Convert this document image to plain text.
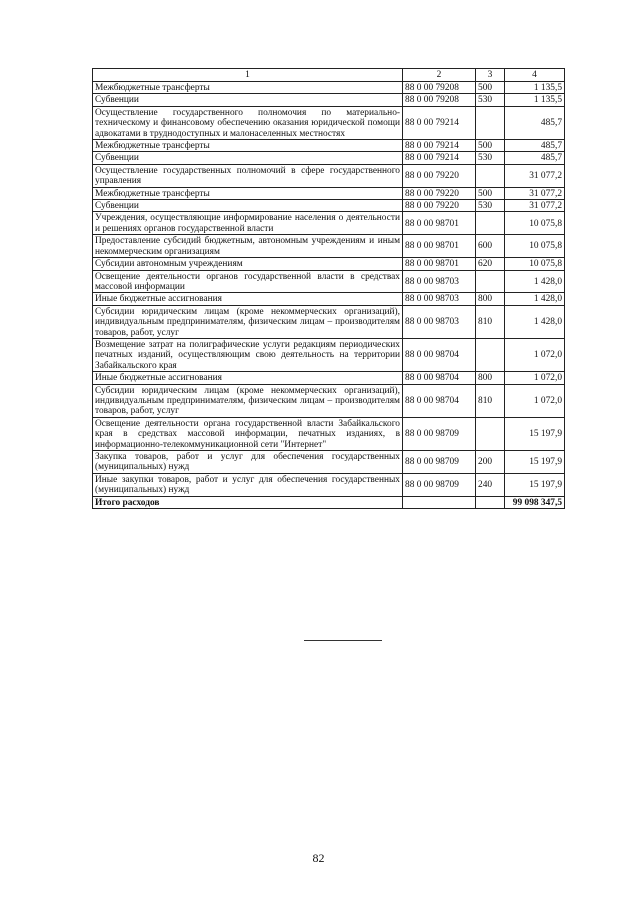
1	2	3	4
Межбюджетные трансферты	88 0 00 79208	500	1 135,5
Субвенции	88 0 00 79208	530	1 135,5
Осуществление государственного полномочия по материально-техническому и финансовому обеспечению оказания юридической помощи адвокатами в труднодоступных и малонаселенных местностях	88 0 00 79214		485,7
Межбюджетные трансферты	88 0 00 79214	500	485,7
Субвенции	88 0 00 79214	530	485,7
Осуществление государственных полномочий в сфере государственного управления	88 0 00 79220		31 077,2
Межбюджетные трансферты	88 0 00 79220	500	31 077,2
Субвенции	88 0 00 79220	530	31 077,2
Учреждения, осуществляющие информирование населения о деятельности и решениях органов государственной власти	88 0 00 98701		10 075,8
Предоставление субсидий бюджетным, автономным учреждениям и иным некоммерческим организациям	88 0 00 98701	600	10 075,8
Субсидии автономным учреждениям	88 0 00 98701	620	10 075,8
Освещение деятельности органов государственной власти в средствах массовой информации	88 0 00 98703		1 428,0
Иные бюджетные ассигнования	88 0 00 98703	800	1 428,0
Субсидии юридическим лицам (кроме некоммерческих организаций), индивидуальным предпринимателям, физическим лицам – производителям товаров, работ, услуг	88 0 00 98703	810	1 428,0
Возмещение затрат на полиграфические услуги редакциям периодических печатных изданий, осуществляющим свою деятельность на территории Забайкальского края	88 0 00 98704		1 072,0
Иные бюджетные ассигнования	88 0 00 98704	800	1 072,0
Субсидии юридическим лицам (кроме некоммерческих организаций), индивидуальным предпринимателям, физическим лицам – производителям товаров, работ, услуг	88 0 00 98704	810	1 072,0
Освещение деятельности органа государственной власти Забайкальского края в средствах массовой информации, печатных изданиях, в информационно-телекоммуникационной сети "Интернет"	88 0 00 98709		15 197,9
Закупка товаров, работ и услуг для обеспечения государственных (муниципальных) нужд	88 0 00 98709	200	15 197,9
Иные закупки товаров, работ и услуг для обеспечения государственных (муниципальных) нужд	88 0 00 98709	240	15 197,9
Итого расходов			99 098 347,5
82
